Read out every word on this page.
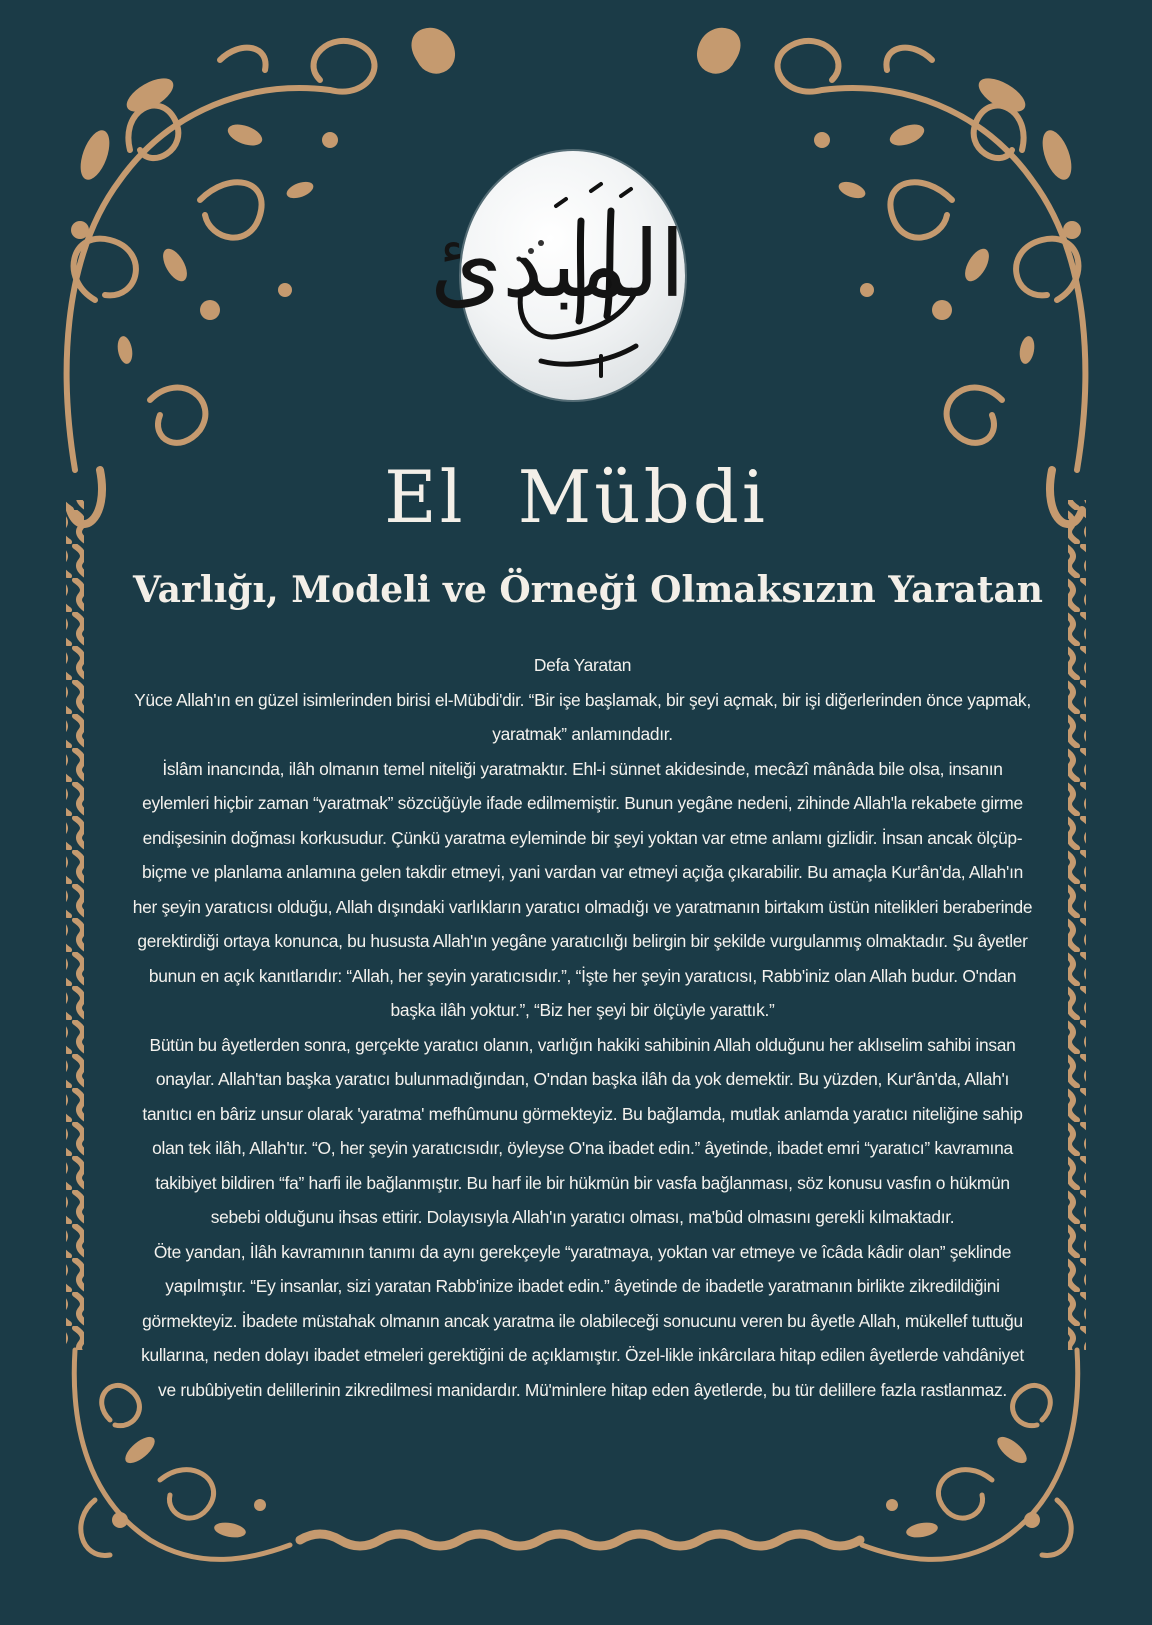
المبدئ
El Mübdi
Varlığı, Modeli ve Örneği Olmaksızın Yaratan

Defa Yaratan

Yüce Allah'ın en güzel isimlerinden birisi el-Mübdi'dir. “Bir işe başlamak, bir şeyi açmak, bir işi diğerlerinden önce yapmak, yaratmak” anlamındadır.

İslâm inancında, ilâh olmanın temel niteliği yaratmaktır. Ehl-i sünnet akidesinde, mecâzî mânâda bile olsa, insanın eylemleri hiçbir zaman “yaratmak” sözcüğüyle ifade edilmemiştir. Bunun yegâne nedeni, zihinde Allah'la rekabete girme endişesinin doğması korkusudur. Çünkü yaratma eyleminde bir şeyi yoktan var etme anlamı gizlidir. İnsan ancak ölçüp-biçme ve planlama anlamına gelen takdir etmeyi, yani vardan var etmeyi açığa çıkarabilir. Bu amaçla Kur'ân'da, Allah'ın her şeyin yaratıcısı olduğu, Allah dışındaki varlıkların yaratıcı olmadığı ve yaratmanın birtakım üstün nitelikleri beraberinde gerektirdiği ortaya konunca, bu hususta Allah'ın yegâne yaratıcılığı belirgin bir şekilde vurgulanmış olmaktadır. Şu âyetler bunun en açık kanıtlarıdır: “Allah, her şeyin yaratıcısıdır.”, “İşte her şeyin yaratıcısı, Rabb'iniz olan Allah budur. O'ndan başka ilâh yoktur.”, “Biz her şeyi bir ölçüyle yarattık.”

Bütün bu âyetlerden sonra, gerçekte yaratıcı olanın, varlığın hakiki sahibinin Allah olduğunu her aklıselim sahibi insan onaylar. Allah'tan başka yaratıcı bulunmadığından, O'ndan başka ilâh da yok demektir. Bu yüzden, Kur'ân'da, Allah'ı tanıtıcı en bâriz unsur olarak 'yaratma' mefhûmunu görmekteyiz. Bu bağlamda, mutlak anlamda yaratıcı niteliğine sahip olan tek ilâh, Allah'tır. “O, her şeyin yaratıcısıdır, öyleyse O'na ibadet edin.” âyetinde, ibadet emri “yaratıcı” kavramına takibiyet bildiren “fa” harfi ile bağlanmıştır. Bu harf ile bir hükmün bir vasfa bağlanması, söz konusu vasfın o hükmün sebebi olduğunu ihsas ettirir. Dolayısıyla Allah'ın yaratıcı olması, ma'bûd olmasını gerekli kılmaktadır.

Öte yandan, İlâh kavramının tanımı da aynı gerekçeyle “yaratmaya, yoktan var etmeye ve îcâda kâdir olan” şeklinde yapılmıştır. “Ey insanlar, sizi yaratan Rabb'inize ibadet edin.” âyetinde de ibadetle yaratmanın birlikte zikredildiğini görmekteyiz. İbadete müstahak olmanın ancak yaratma ile olabileceği sonucunu veren bu âyetle Allah, mükellef tuttuğu kullarına, neden dolayı ibadet etmeleri gerektiğini de açıklamıştır. Özel-likle inkârcılara hitap edilen âyetlerde vahdâniyet ve rubûbiyetin delillerinin zikredilmesi manidardır. Mü'minlere hitap eden âyetlerde, bu tür delillere fazla rastlanmaz.
